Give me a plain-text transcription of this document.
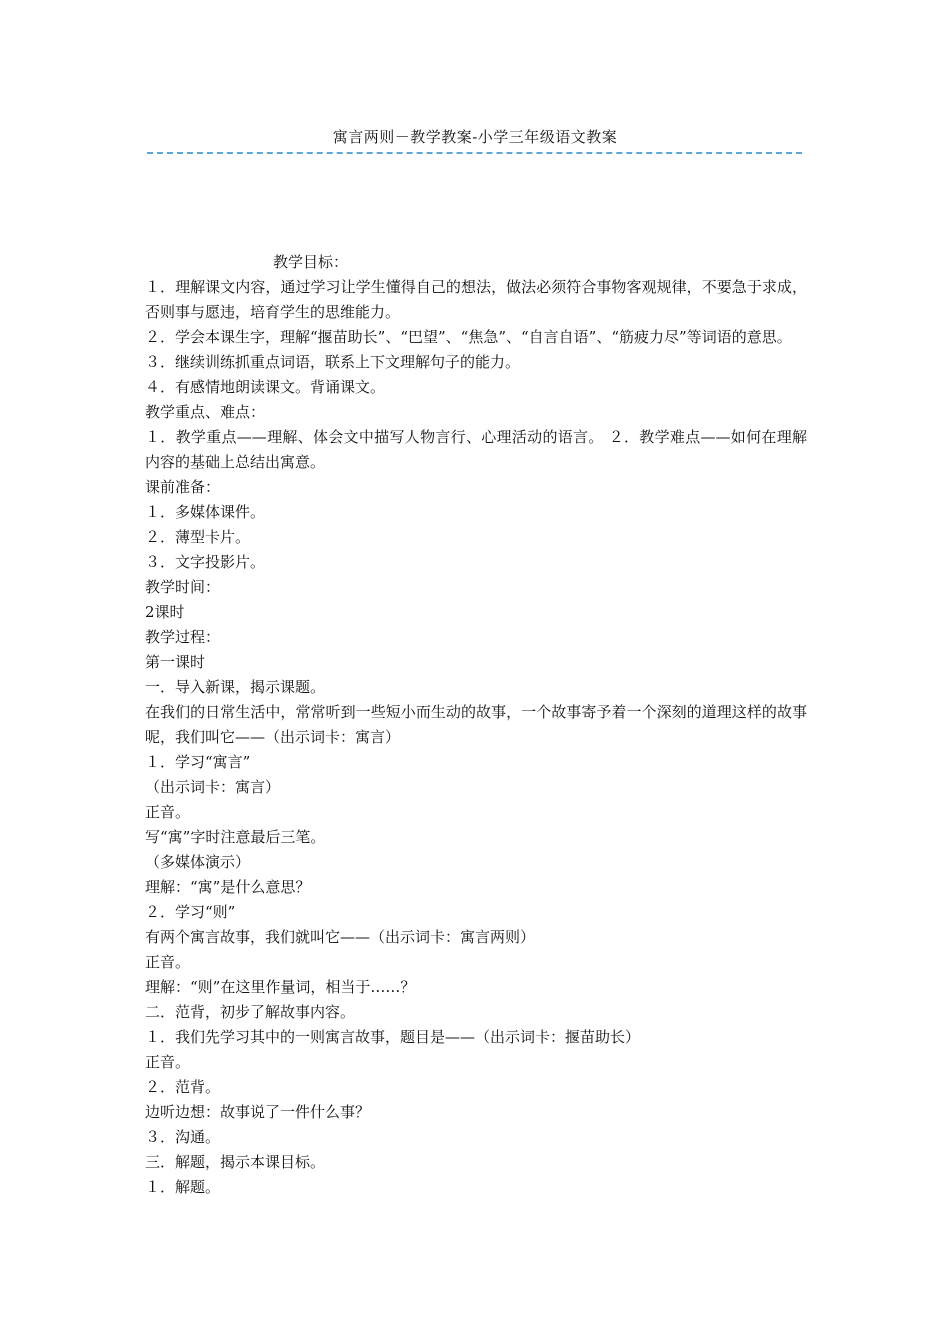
寓言两则－教学教案-小学三年级语文教案

教学目标：

１．理解课文内容，通过学习让学生懂得自己的想法，做法必须符合事物客观规律，不要急于求成，否则事与愿违，培育学生的思维能力。

２．学会本课生字，理解“揠苗助长”、“巴望”、“焦急”、“自言自语”、“筋疲力尽”等词语的意思。

３．继续训练抓重点词语，联系上下文理解句子的能力。

４．有感情地朗读课文。背诵课文。

教学重点、难点：

１．教学重点——理解、体会文中描写人物言行、心理活动的语言。 ２．教学难点——如何在理解内容的基础上总结出寓意。

课前准备：

１．多媒体课件。

２．薄型卡片。

３．文字投影片。

教学时间：

2课时

教学过程：

第一课时

一．导入新课，揭示课题。

在我们的日常生活中，常常听到一些短小而生动的故事，一个故事寄予着一个深刻的道理这样的故事呢，我们叫它——（出示词卡：寓言）

１．学习“寓言”

（出示词卡：寓言）

正音。

写“寓”字时注意最后三笔。

（多媒体演示）

理解：“寓”是什么意思？

２．学习“则”

有两个寓言故事，我们就叫它——（出示词卡：寓言两则）

正音。

理解：“则”在这里作量词，相当于……？

二．范背，初步了解故事内容。

１．我们先学习其中的一则寓言故事，题目是——（出示词卡：揠苗助长）

正音。

２．范背。

边听边想：故事说了一件什么事？

３．沟通。

三．解题，揭示本课目标。

１．解题。
